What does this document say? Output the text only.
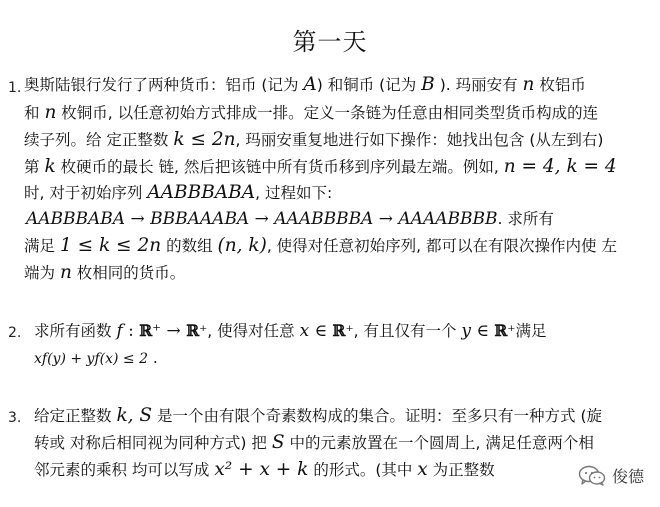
第一天
1. 奥斯陆银行发行了两种货币：铝币 (记为 A) 和铜币 (记为 B ). 玛丽安有 n 枚铝币
和 n 枚铜币, 以任意初始方式排成一排。定义一条链为任意由相同类型货币构成的连
续子列。给 定正整数 k ≤ 2n, 玛丽安重复地进行如下操作：她找出包含 (从左到右)
第 k 枚硬币的最长 链, 然后把该链中所有货币移到序列最左端。例如, n = 4, k = 4
时, 对于初始序列 AABBBABA, 过程如下:
AABBBABA → BBBAAABA → AAABBBBA → AAAABBBB. 求所有
满足 1 ≤ k ≤ 2n 的数组 (n, k), 使得对任意初始序列, 都可以在有限次操作内使 左
端为 n 枚相同的货币。
2. 求所有函数 f : ℝ⁺ → ℝ⁺, 使得对任意 x ∈ ℝ⁺, 有且仅有一个 y ∈ ℝ⁺满足
xf(y) + yf(x) ≤ 2 .
3. 给定正整数 k, S 是一个由有限个奇素数构成的集合。证明：至多只有一种方式 (旋
转或 对称后相同视为同种方式) 把 S 中的元素放置在一个圆周上, 满足任意两个相
邻元素的乘积 均可以写成 x² + x + k 的形式。(其中 x 为正整数	俊德
